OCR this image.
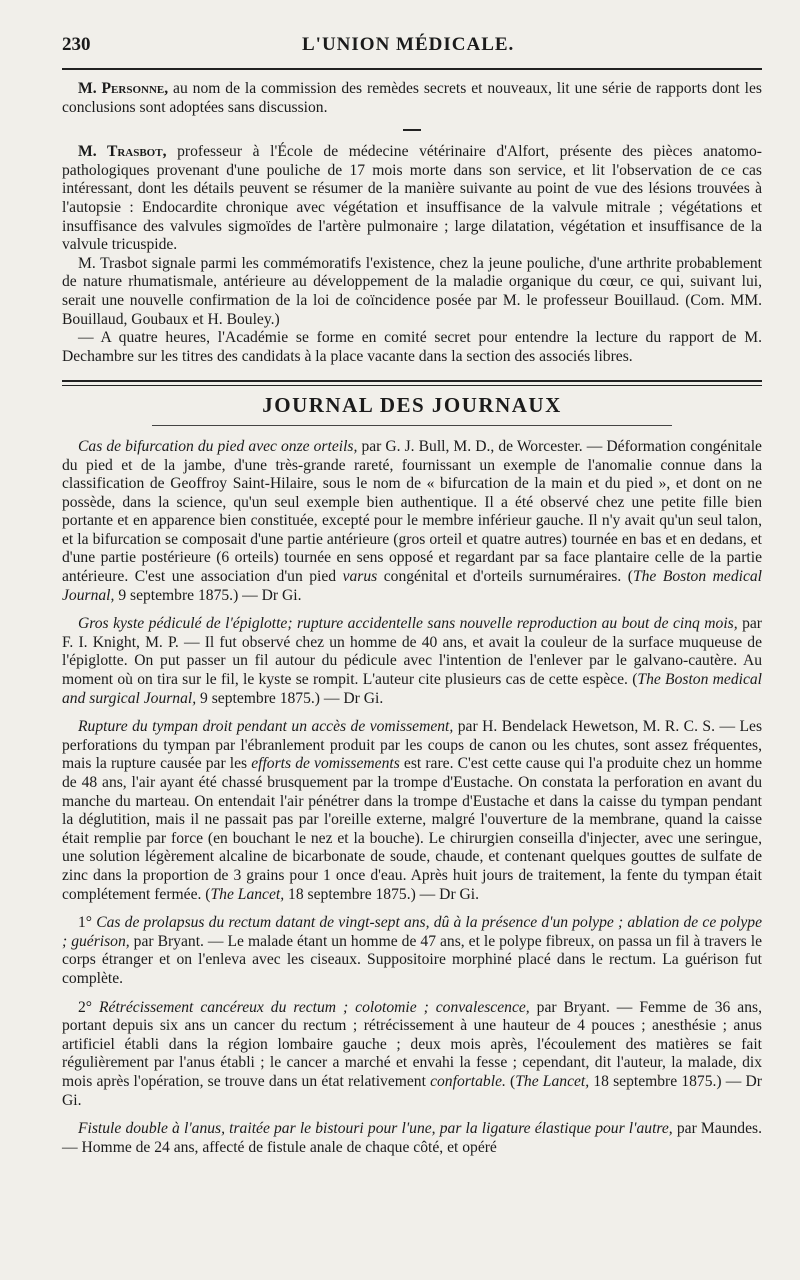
230	L'UNION MÉDICALE.

M. Personne, au nom de la commission des remèdes secrets et nouveaux, lit une série de rapports dont les conclusions sont adoptées sans discussion.

M. Trasbot, professeur à l'École de médecine vétérinaire d'Alfort, présente des pièces anatomo-pathologiques provenant d'une pouliche de 17 mois morte dans son service, et lit l'observation de ce cas intéressant, dont les détails peuvent se résumer de la manière suivante au point de vue des lésions trouvées à l'autopsie : Endocardite chronique avec végétation et insuffisance de la valvule mitrale ; végétations et insuffisance des valvules sigmoïdes de l'artère pulmonaire ; large dilatation, végétation et insuffisance de la valvule tricuspide.

M. Trasbot signale parmi les commémoratifs l'existence, chez la jeune pouliche, d'une arthrite probablement de nature rhumatismale, antérieure au développement de la maladie organique du cœur, ce qui, suivant lui, serait une nouvelle confirmation de la loi de coïncidence posée par M. le professeur Bouillaud. (Com. MM. Bouillaud, Goubaux et H. Bouley.)

— A quatre heures, l'Académie se forme en comité secret pour entendre la lecture du rapport de M. Dechambre sur les titres des candidats à la place vacante dans la section des associés libres.

JOURNAL DES JOURNAUX

Cas de bifurcation du pied avec onze orteils, par G. J. Bull, M. D., de Worcester. — Déformation congénitale du pied et de la jambe, d'une très-grande rareté, fournissant un exemple de l'anomalie connue dans la classification de Geoffroy Saint-Hilaire, sous le nom de « bifurcation de la main et du pied », et dont on ne possède, dans la science, qu'un seul exemple bien authentique. Il a été observé chez une petite fille bien portante et en apparence bien constituée, excepté pour le membre inférieur gauche. Il n'y avait qu'un seul talon, et la bifurcation se composait d'une partie antérieure (gros orteil et quatre autres) tournée en bas et en dedans, et d'une partie postérieure (6 orteils) tournée en sens opposé et regardant par sa face plantaire celle de la partie antérieure. C'est une association d'un pied varus congénital et d'orteils surnuméraires. (The Boston medical Journal, 9 septembre 1875.) — Dr Gi.

Gros kyste pédiculé de l'épiglotte; rupture accidentelle sans nouvelle reproduction au bout de cinq mois, par F. I. Knight, M. P. — Il fut observé chez un homme de 40 ans, et avait la couleur de la surface muqueuse de l'épiglotte. On put passer un fil autour du pédicule avec l'intention de l'enlever par le galvano-cautère. Au moment où on tira sur le fil, le kyste se rompit. L'auteur cite plusieurs cas de cette espèce. (The Boston medical and surgical Journal, 9 septembre 1875.) — Dr Gi.

Rupture du tympan droit pendant un accès de vomissement, par H. Bendelack Hewetson, M. R. C. S. — Les perforations du tympan par l'ébranlement produit par les coups de canon ou les chutes, sont assez fréquentes, mais la rupture causée par les efforts de vomissements est rare. C'est cette cause qui l'a produite chez un homme de 48 ans, l'air ayant été chassé brusquement par la trompe d'Eustache. On constata la perforation en avant du manche du marteau. On entendait l'air pénétrer dans la trompe d'Eustache et dans la caisse du tympan pendant la déglutition, mais il ne passait pas par l'oreille externe, malgré l'ouverture de la membrane, quand la caisse était remplie par force (en bouchant le nez et la bouche). Le chirurgien conseilla d'injecter, avec une seringue, une solution légèrement alcaline de bicarbonate de soude, chaude, et contenant quelques gouttes de sulfate de zinc dans la proportion de 3 grains pour 1 once d'eau. Après huit jours de traitement, la fente du tympan était complétement fermée. (The Lancet, 18 septembre 1875.) — Dr Gi.

1° Cas de prolapsus du rectum datant de vingt-sept ans, dû à la présence d'un polype ; ablation de ce polype ; guérison, par Bryant. — Le malade étant un homme de 47 ans, et le polype fibreux, on passa un fil à travers le corps étranger et on l'enleva avec les ciseaux. Suppositoire morphiné placé dans le rectum. La guérison fut complète.

2° Rétrécissement cancéreux du rectum ; colotomie ; convalescence, par Bryant. — Femme de 36 ans, portant depuis six ans un cancer du rectum ; rétrécissement à une hauteur de 4 pouces ; anesthésie ; anus artificiel établi dans la région lombaire gauche ; deux mois après, l'écoulement des matières se fait régulièrement par l'anus établi ; le cancer a marché et envahi la fesse ; cependant, dit l'auteur, la malade, dix mois après l'opération, se trouve dans un état relativement confortable. (The Lancet, 18 septembre 1875.) — Dr Gi.

Fistule double à l'anus, traitée par le bistouri pour l'une, par la ligature élastique pour l'autre, par Maundes. — Homme de 24 ans, affecté de fistule anale de chaque côté, et opéré
